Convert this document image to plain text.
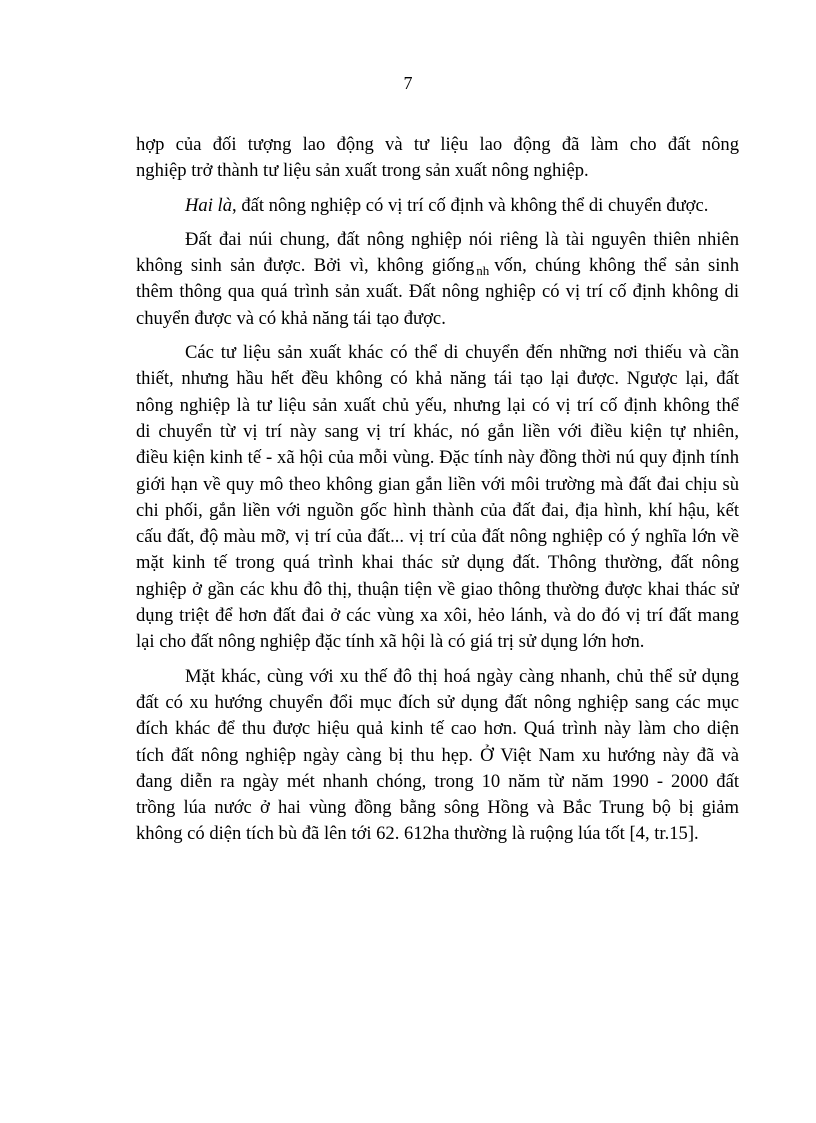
7
hợp của đối tượng lao động và tư liệu lao động đã làm cho đất nông
nghiệp trở thành tư liệu sản xuất trong sản xuất nông nghiệp.
Hai là, đất nông nghiệp có vị trí cố định và không thể di chuyển được.
Đất đai núi chung, đất nông nghiệp nói riêng là tài nguyên thiên nhiên
không sinh sản được. Bởi vì, không giống $_{nh}$ vốn, chúng không thể sản sinh
thêm thông qua quá trình sản xuất. Đất nông nghiệp có vị trí cố định không di
chuyển được và có khả năng tái tạo được.
Các tư liệu sản xuất khác có thể di chuyển đến những nơi thiếu và cần
thiết, nhưng hầu hết đều không có khả năng tái tạo lại được. Ngược lại, đất
nông nghiệp là tư liệu sản xuất chủ yếu, nhưng lại có vị trí cố định không thể
di chuyển từ vị trí này sang vị trí khác, nó gắn liền với điều kiện tự nhiên,
điều kiện kinh tế - xã hội của mỗi vùng. Đặc tính này đồng thời nú quy định tính
giới hạn về quy mô theo không gian gắn liền với môi trường mà đất đai chịu sù
chi phối, gắn liền với nguồn gốc hình thành của đất đai, địa hình, khí hậu, kết
cấu đất, độ màu mỡ, vị trí của đất... vị trí của đất nông nghiệp có ý nghĩa lớn về
mặt kinh tế trong quá trình khai thác sử dụng đất. Thông thường, đất nông
nghiệp ở gần các khu đô thị, thuận tiện về giao thông thường được khai thác sử
dụng triệt để hơn đất đai ở các vùng xa xôi, hẻo lánh, và do đó vị trí đất mang
lại cho đất nông nghiệp đặc tính xã hội là có giá trị sử dụng lớn hơn.
Mặt khác, cùng với xu thế đô thị hoá ngày càng nhanh, chủ thể sử dụng
đất có xu hướng chuyển đổi mục đích sử dụng đất nông nghiệp sang các mục
đích khác để thu được hiệu quả kinh tế cao hơn. Quá trình này làm cho diện
tích đất nông nghiệp ngày càng bị thu hẹp. Ở Việt Nam xu hướng này đã và
đang diễn ra ngày mét nhanh chóng, trong 10 năm từ năm 1990 - 2000 đất
trồng lúa nước ở hai vùng đồng bằng sông Hồng và Bắc Trung bộ bị giảm
không có diện tích bù đã lên tới 62. 612ha thường là ruộng lúa tốt [4, tr.15].
